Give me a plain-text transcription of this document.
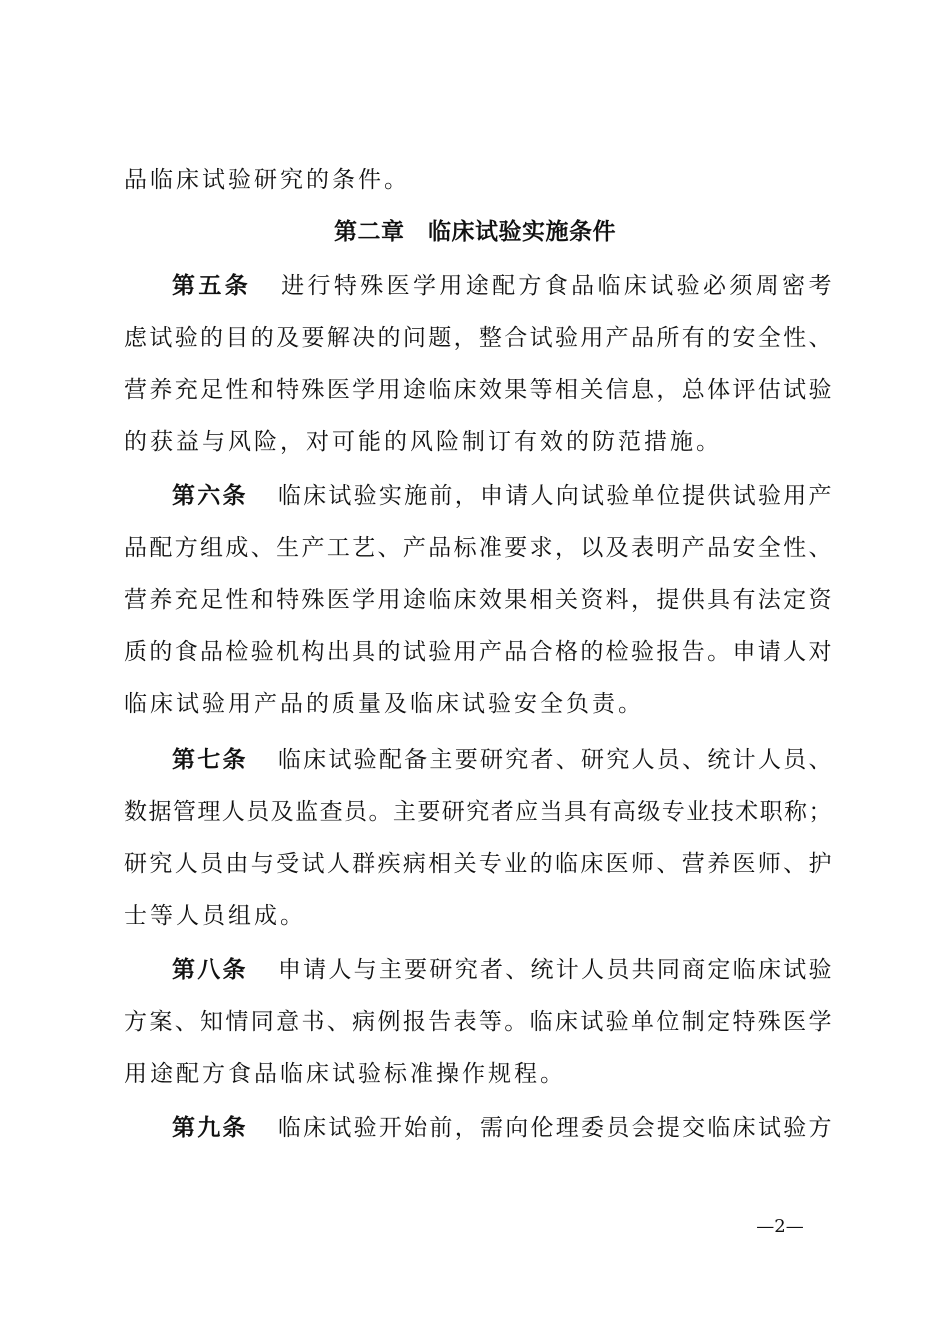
品临床试验研究的条件。
第二章　临床试验实施条件
第五条 进行特殊医学用途配方食品临床试验必须周密考
虑试验的目的及要解决的问题，整合试验用产品所有的安全性、
营养充足性和特殊医学用途临床效果等相关信息，总体评估试验
的获益与风险，对可能的风险制订有效的防范措施。
第六条 临床试验实施前，申请人向试验单位提供试验用产
品配方组成、生产工艺、产品标准要求，以及表明产品安全性、
营养充足性和特殊医学用途临床效果相关资料，提供具有法定资
质的食品检验机构出具的试验用产品合格的检验报告。申请人对
临床试验用产品的质量及临床试验安全负责。
第七条 临床试验配备主要研究者、研究人员、统计人员、
数据管理人员及监查员。主要研究者应当具有高级专业技术职称；
研究人员由与受试人群疾病相关专业的临床医师、营养医师、护
士等人员组成。
第八条 申请人与主要研究者、统计人员共同商定临床试验
方案、知情同意书、病例报告表等。临床试验单位制定特殊医学
用途配方食品临床试验标准操作规程。
第九条 临床试验开始前，需向伦理委员会提交临床试验方
—2—
